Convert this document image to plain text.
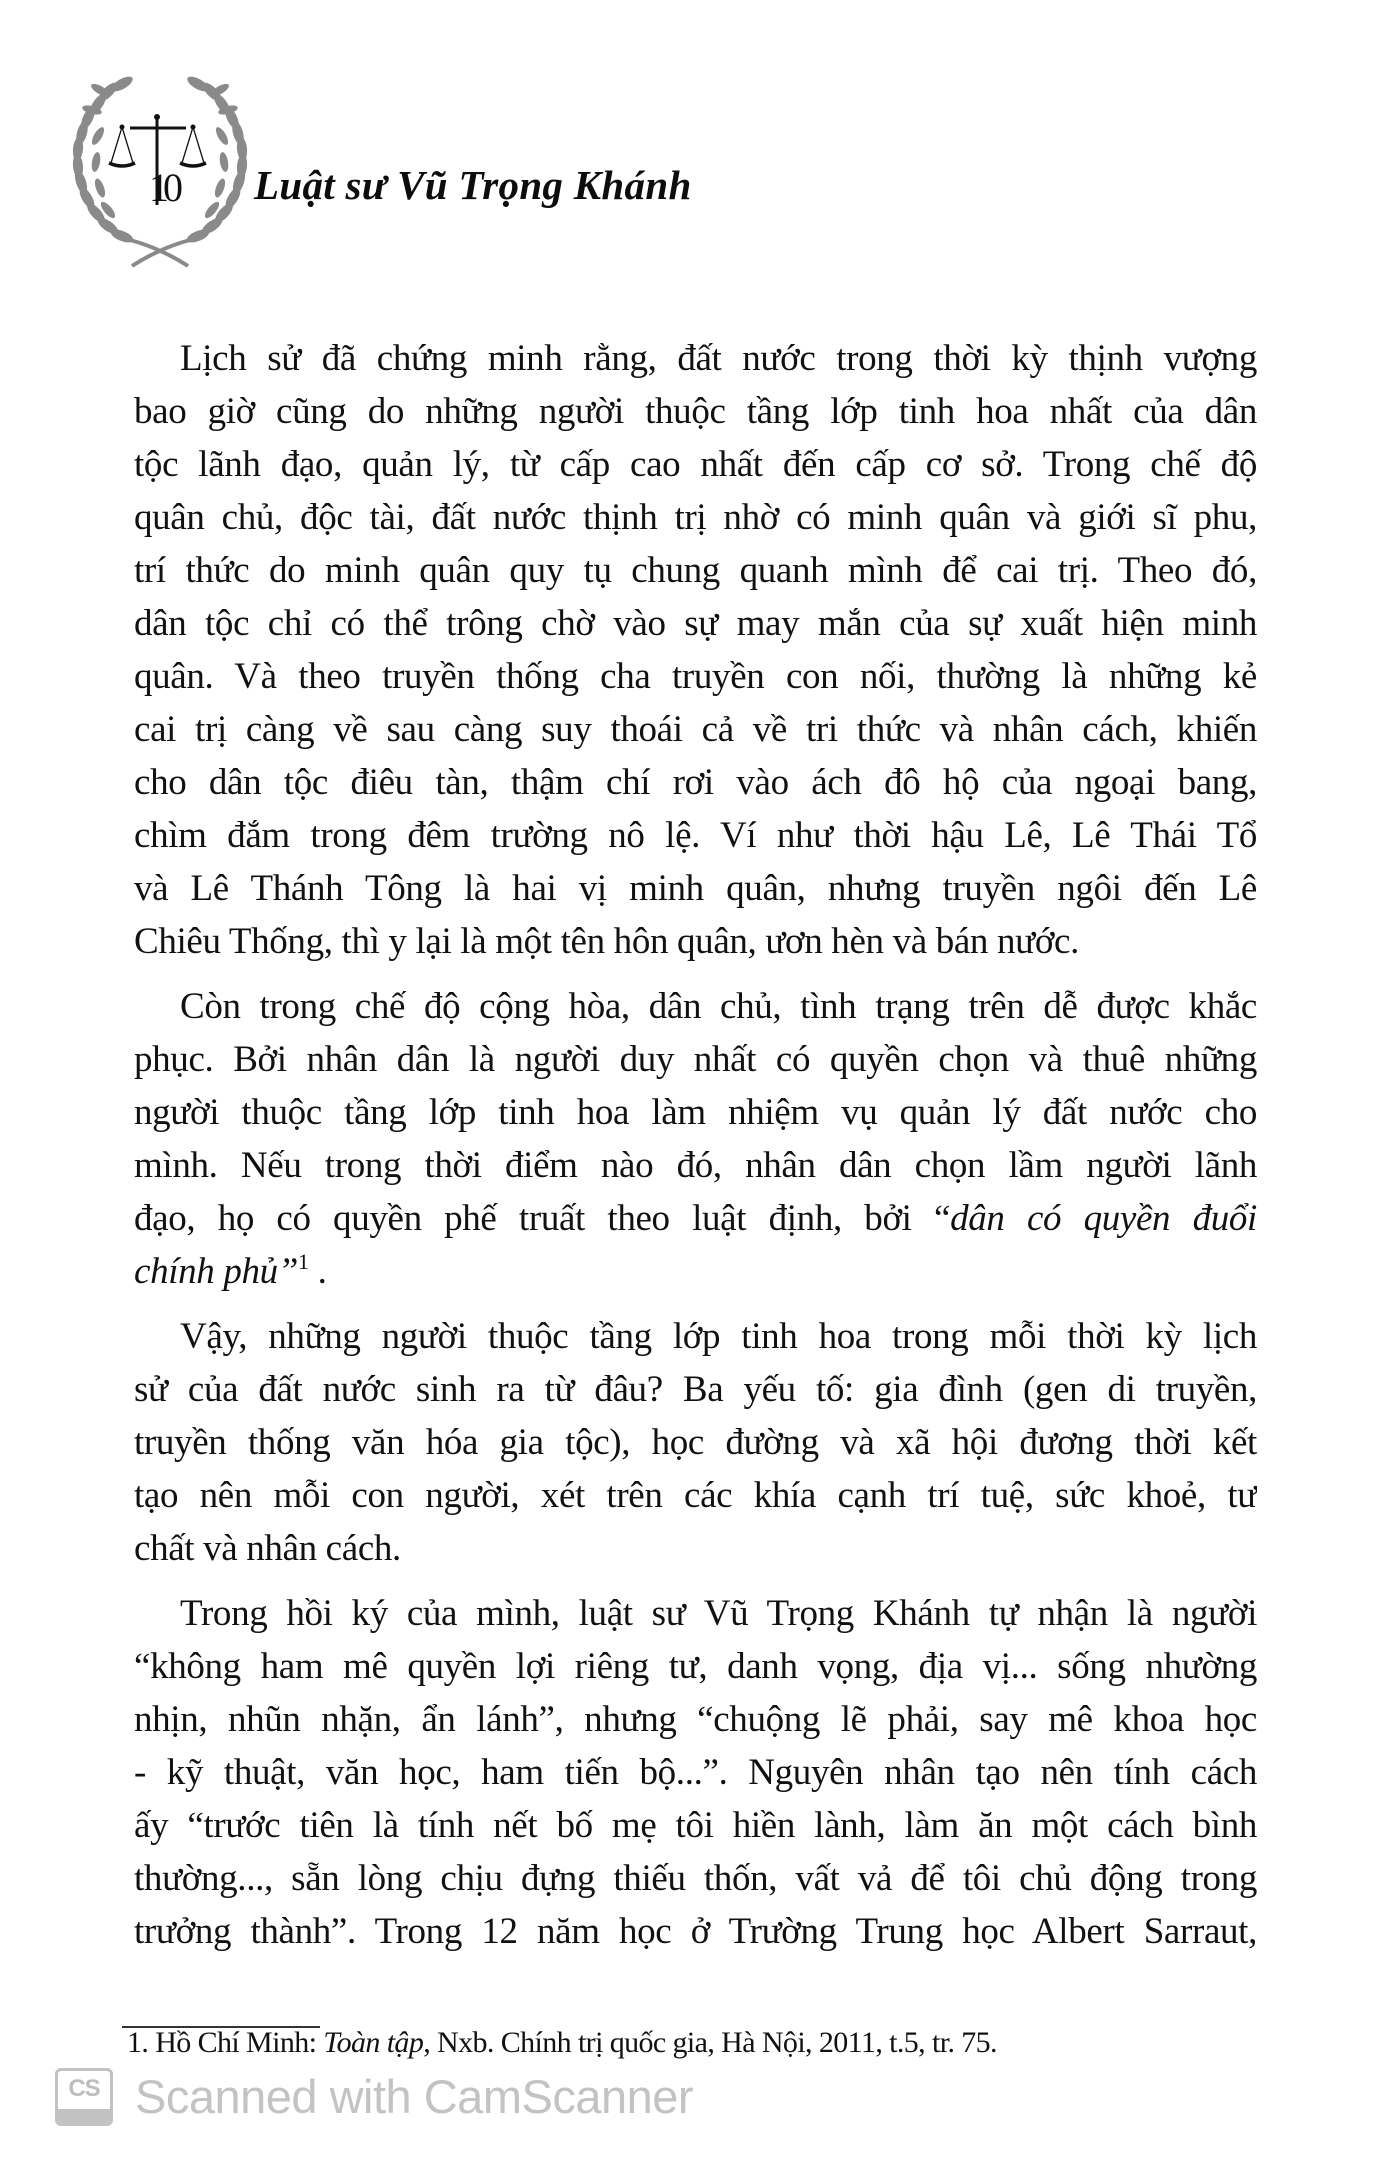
10 Luật sư Vũ Trọng Khánh
Lịch sử đã chứng minh rằng, đất nước trong thời kỳ thịnh vượng
bao giờ cũng do những người thuộc tầng lớp tinh hoa nhất của dân
tộc lãnh đạo, quản lý, từ cấp cao nhất đến cấp cơ sở. Trong chế độ
quân chủ, độc tài, đất nước thịnh trị nhờ có minh quân và giới sĩ phu,
trí thức do minh quân quy tụ chung quanh mình để cai trị. Theo đó,
dân tộc chỉ có thể trông chờ vào sự may mắn của sự xuất hiện minh
quân. Và theo truyền thống cha truyền con nối, thường là những kẻ
cai trị càng về sau càng suy thoái cả về tri thức và nhân cách, khiến
cho dân tộc điêu tàn, thậm chí rơi vào ách đô hộ của ngoại bang,
chìm đắm trong đêm trường nô lệ. Ví như thời hậu Lê, Lê Thái Tổ
và Lê Thánh Tông là hai vị minh quân, nhưng truyền ngôi đến Lê
Chiêu Thống, thì y lại là một tên hôn quân, ươn hèn và bán nước.
Còn trong chế độ cộng hòa, dân chủ, tình trạng trên dễ được khắc
phục. Bởi nhân dân là người duy nhất có quyền chọn và thuê những
người thuộc tầng lớp tinh hoa làm nhiệm vụ quản lý đất nước cho
mình. Nếu trong thời điểm nào đó, nhân dân chọn lầm người lãnh
đạo, họ có quyền phế truất theo luật định, bởi “dân có quyền đuổi
chính phủ”$^1$ .
Vậy, những người thuộc tầng lớp tinh hoa trong mỗi thời kỳ lịch
sử của đất nước sinh ra từ đâu? Ba yếu tố: gia đình (gen di truyền,
truyền thống văn hóa gia tộc), học đường và xã hội đương thời kết
tạo nên mỗi con người, xét trên các khía cạnh trí tuệ, sức khoẻ, tư
chất và nhân cách.
Trong hồi ký của mình, luật sư Vũ Trọng Khánh tự nhận là người
“không ham mê quyền lợi riêng tư, danh vọng, địa vị... sống nhường
nhịn, nhũn nhặn, ẩn lánh”, nhưng “chuộng lẽ phải, say mê khoa học
- kỹ thuật, văn học, ham tiến bộ...”. Nguyên nhân tạo nên tính cách
ấy “trước tiên là tính nết bố mẹ tôi hiền lành, làm ăn một cách bình
thường..., sẵn lòng chịu đựng thiếu thốn, vất vả để tôi chủ động trong
trưởng thành”. Trong 12 năm học ở Trường Trung học Albert Sarraut,
1. Hồ Chí Minh: Toàn tập, Nxb. Chính trị quốc gia, Hà Nội, 2011, t.5, tr. 75.
CS Scanned with CamScanner
